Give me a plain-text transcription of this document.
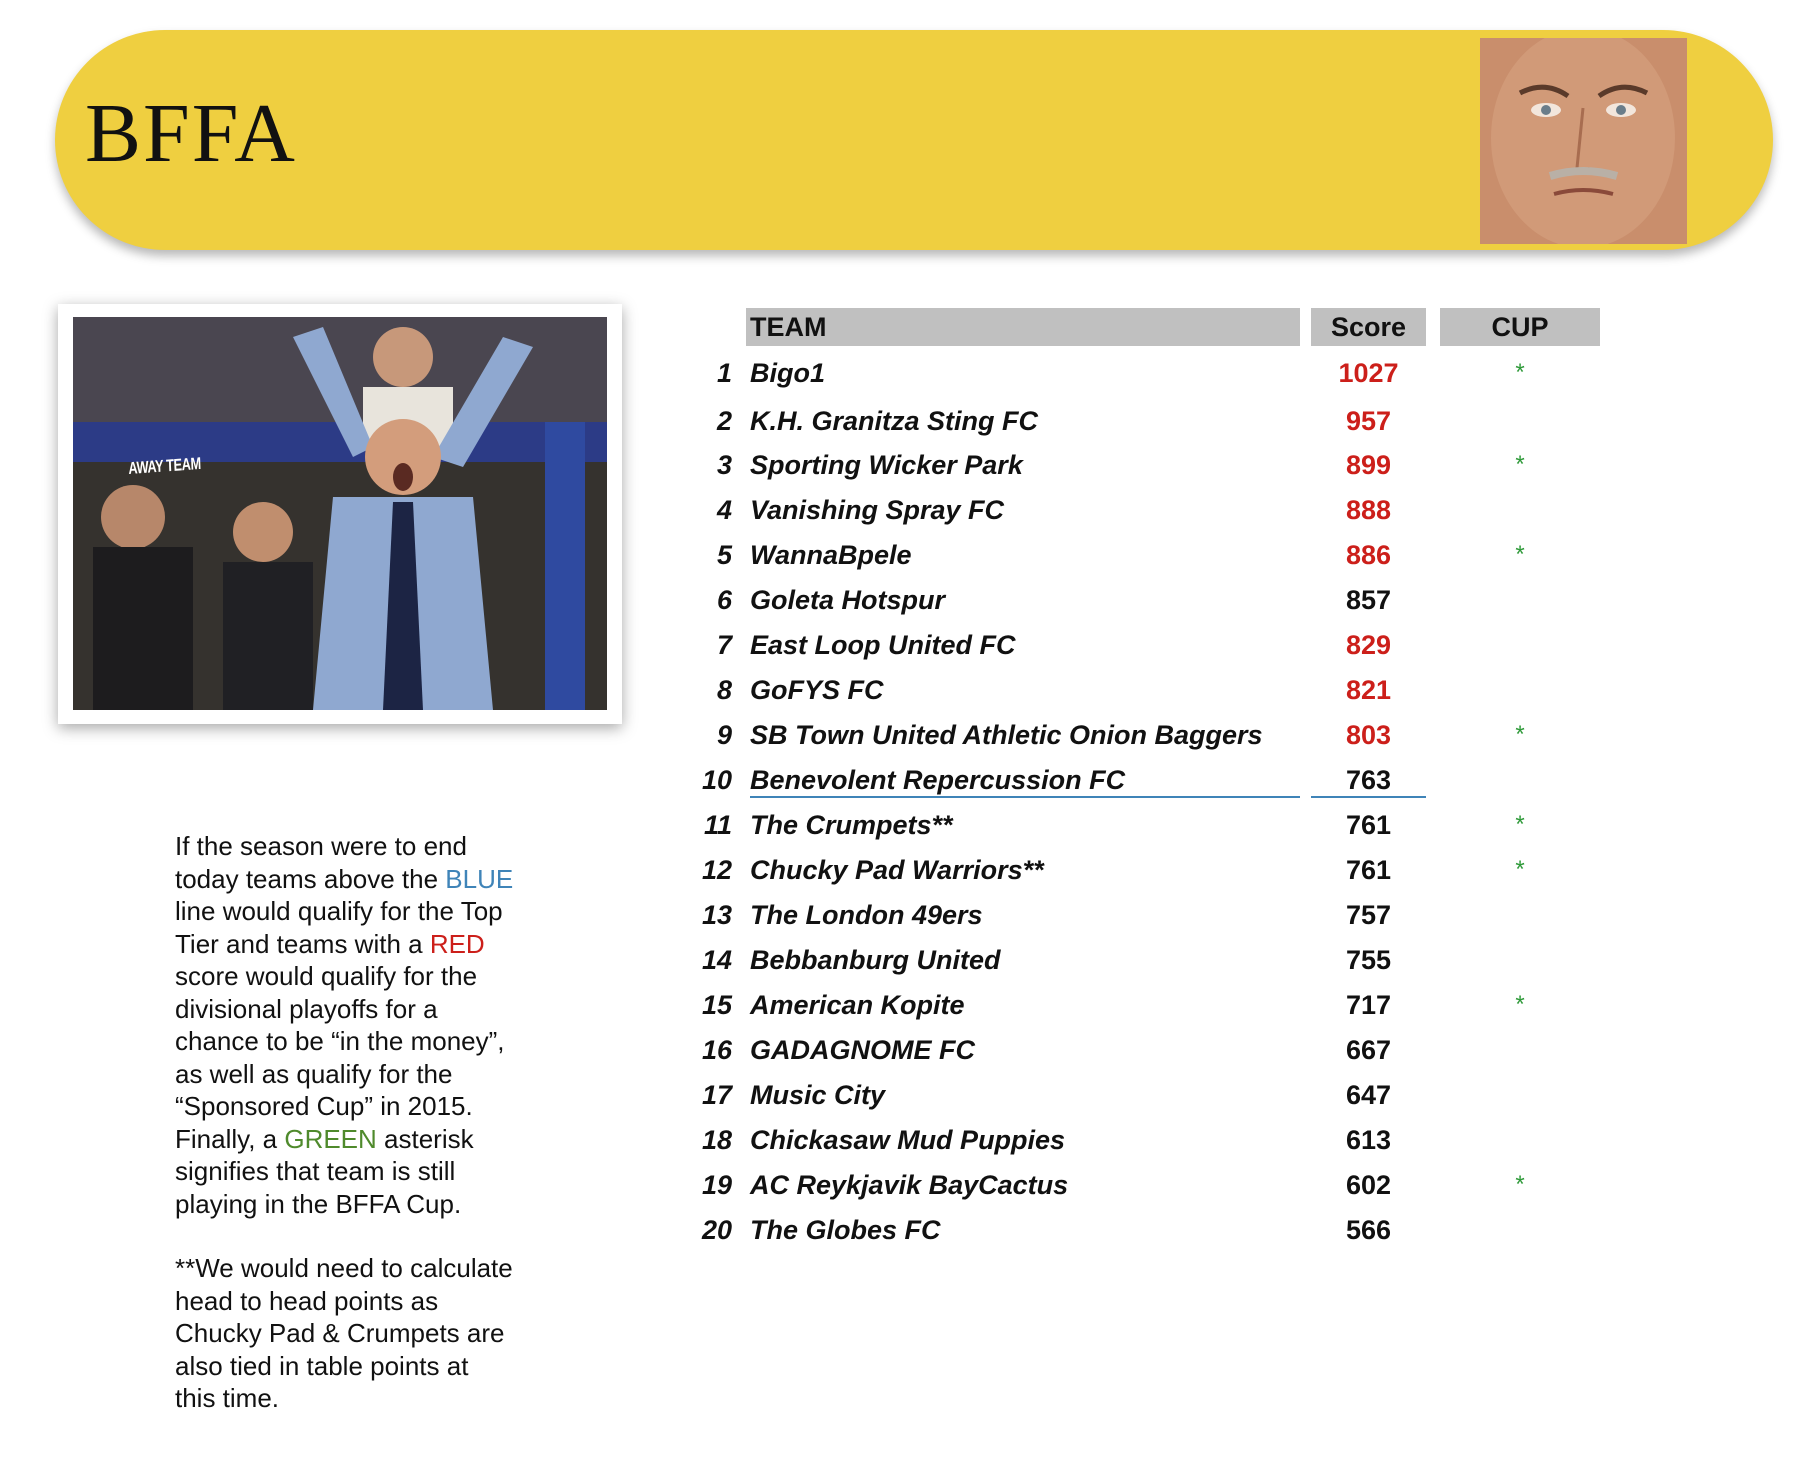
BFFA
AWAY TEAM

If the season were to end today teams above the BLUE line would qualify for the Top Tier and teams with a RED score would qualify for the divisional playoffs for a chance to be “in the money”, as well as qualify for the “Sponsored Cup” in 2015. Finally, a GREEN asterisk signifies that team is still playing in the BFFA Cup.

**We would need to calculate head to head points as Chucky Pad & Crumpets are also tied in table points at this time.

TEAM	Score	CUP
1 Bigo1	1027	*
2 K.H. Granitza Sting FC	957
3 Sporting Wicker Park	899	*
4 Vanishing Spray FC	888
5 WannaBpele	886	*
6 Goleta Hotspur	857
7 East Loop United FC	829
8 GoFYS FC	821
9 SB Town United Athletic Onion Baggers	803	*
10 Benevolent Repercussion FC	763
11 The Crumpets**	761	*
12 Chucky Pad Warriors**	761	*
13 The London 49ers	757
14 Bebbanburg United	755
15 American Kopite	717	*
16 GADAGNOME FC	667
17 Music City	647
18 Chickasaw Mud Puppies	613
19 AC Reykjavik BayCactus	602	*
20 The Globes FC	566
